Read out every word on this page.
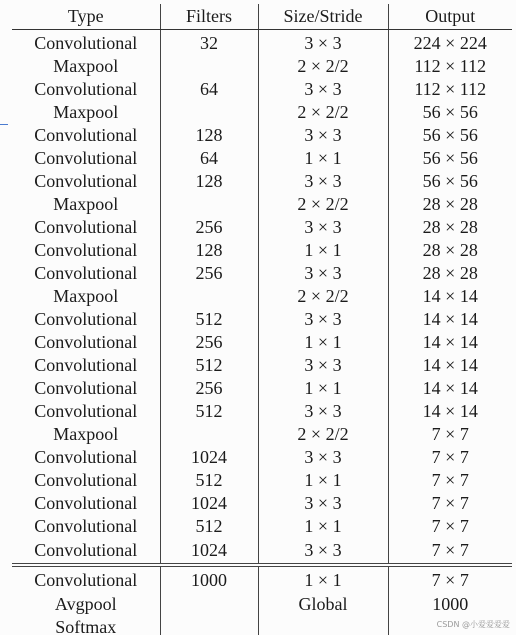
Type	Filters	Size/Stride	Output
Convolutional	32	3 × 3	224 × 224
Maxpool		2 × 2/2	112 × 112
Convolutional	64	3 × 3	112 × 112
Maxpool		2 × 2/2	56 × 56
Convolutional	128	3 × 3	56 × 56
Convolutional	64	1 × 1	56 × 56
Convolutional	128	3 × 3	56 × 56
Maxpool		2 × 2/2	28 × 28
Convolutional	256	3 × 3	28 × 28
Convolutional	128	1 × 1	28 × 28
Convolutional	256	3 × 3	28 × 28
Maxpool		2 × 2/2	14 × 14
Convolutional	512	3 × 3	14 × 14
Convolutional	256	1 × 1	14 × 14
Convolutional	512	3 × 3	14 × 14
Convolutional	256	1 × 1	14 × 14
Convolutional	512	3 × 3	14 × 14
Maxpool		2 × 2/2	7 × 7
Convolutional	1024	3 × 3	7 × 7
Convolutional	512	1 × 1	7 × 7
Convolutional	1024	3 × 3	7 × 7
Convolutional	512	1 × 1	7 × 7
Convolutional	1024	3 × 3	7 × 7
Convolutional	1000	1 × 1	7 × 7
Avgpool		Global	1000
Softmax				CSDN @小爱爱爱爱
